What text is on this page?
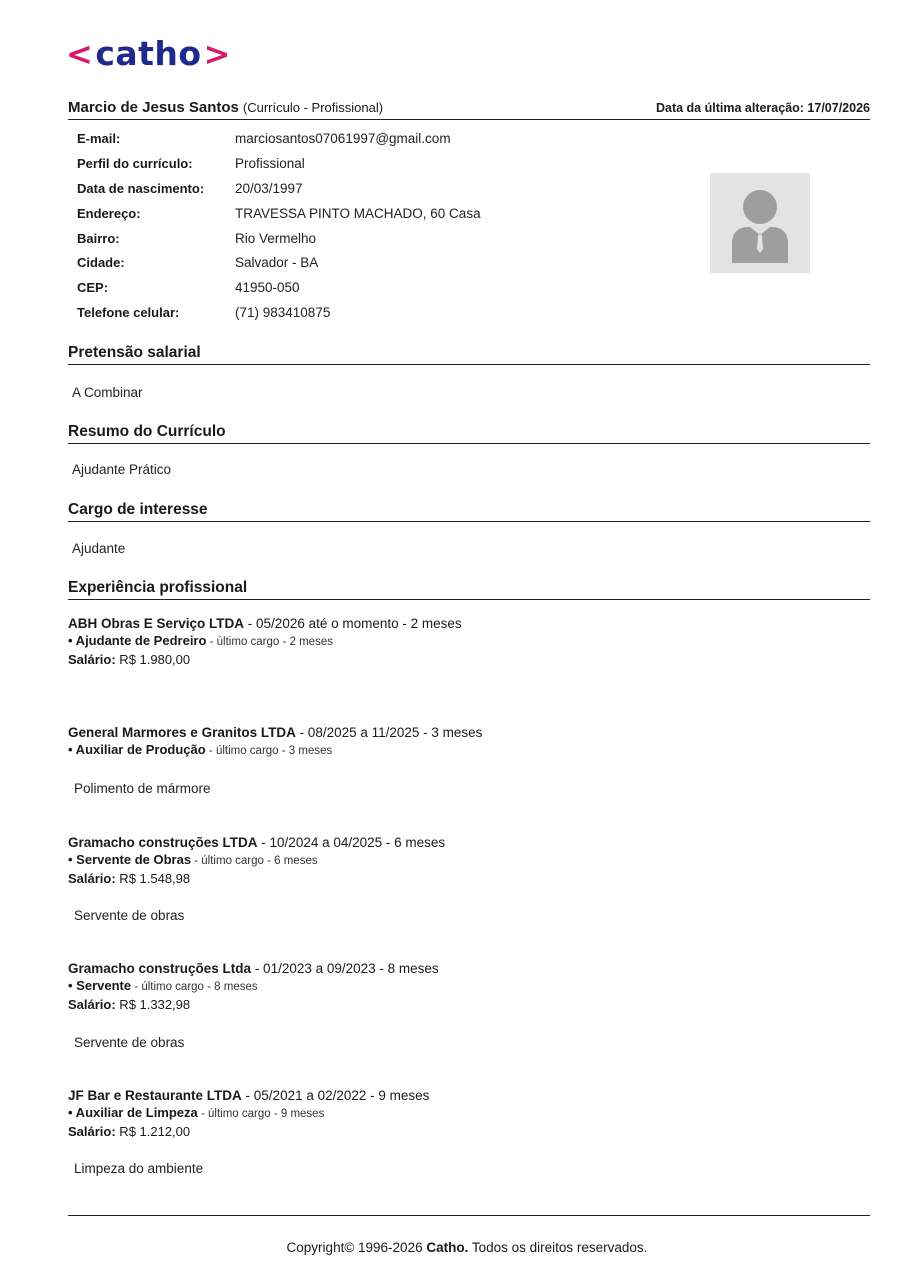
< catho >
Marcio de Jesus Santos (Currículo - Profissional)	Data da última alteração: 17/07/2026
E-mail:	marciosantos07061997@gmail.com
Perfil do currículo:	Profissional
Data de nascimento:	20/03/1997
Endereço:	TRAVESSA PINTO MACHADO, 60 Casa
Bairro:	Rio Vermelho
Cidade:	Salvador - BA
CEP:	41950-050
Telefone celular:	(71) 983410875
Pretensão salarial
A Combinar
Resumo do Currículo
Ajudante Prático
Cargo de interesse
Ajudante
Experiência profissional
ABH Obras E Serviço LTDA - 05/2026 até o momento - 2 meses
• Ajudante de Pedreiro - último cargo - 2 meses
Salário: R$ 1.980,00
General Marmores e Granitos LTDA - 08/2025 a 11/2025 - 3 meses
• Auxiliar de Produção - último cargo - 3 meses
Polimento de mármore
Gramacho construções LTDA - 10/2024 a 04/2025 - 6 meses
• Servente de Obras - último cargo - 6 meses
Salário: R$ 1.548,98
Servente de obras
Gramacho construções Ltda - 01/2023 a 09/2023 - 8 meses
• Servente - último cargo - 8 meses
Salário: R$ 1.332,98
Servente de obras
JF Bar e Restaurante LTDA - 05/2021 a 02/2022 - 9 meses
• Auxiliar de Limpeza - último cargo - 9 meses
Salário: R$ 1.212,00
Limpeza do ambiente
Copyright© 1996-2026 Catho. Todos os direitos reservados.
